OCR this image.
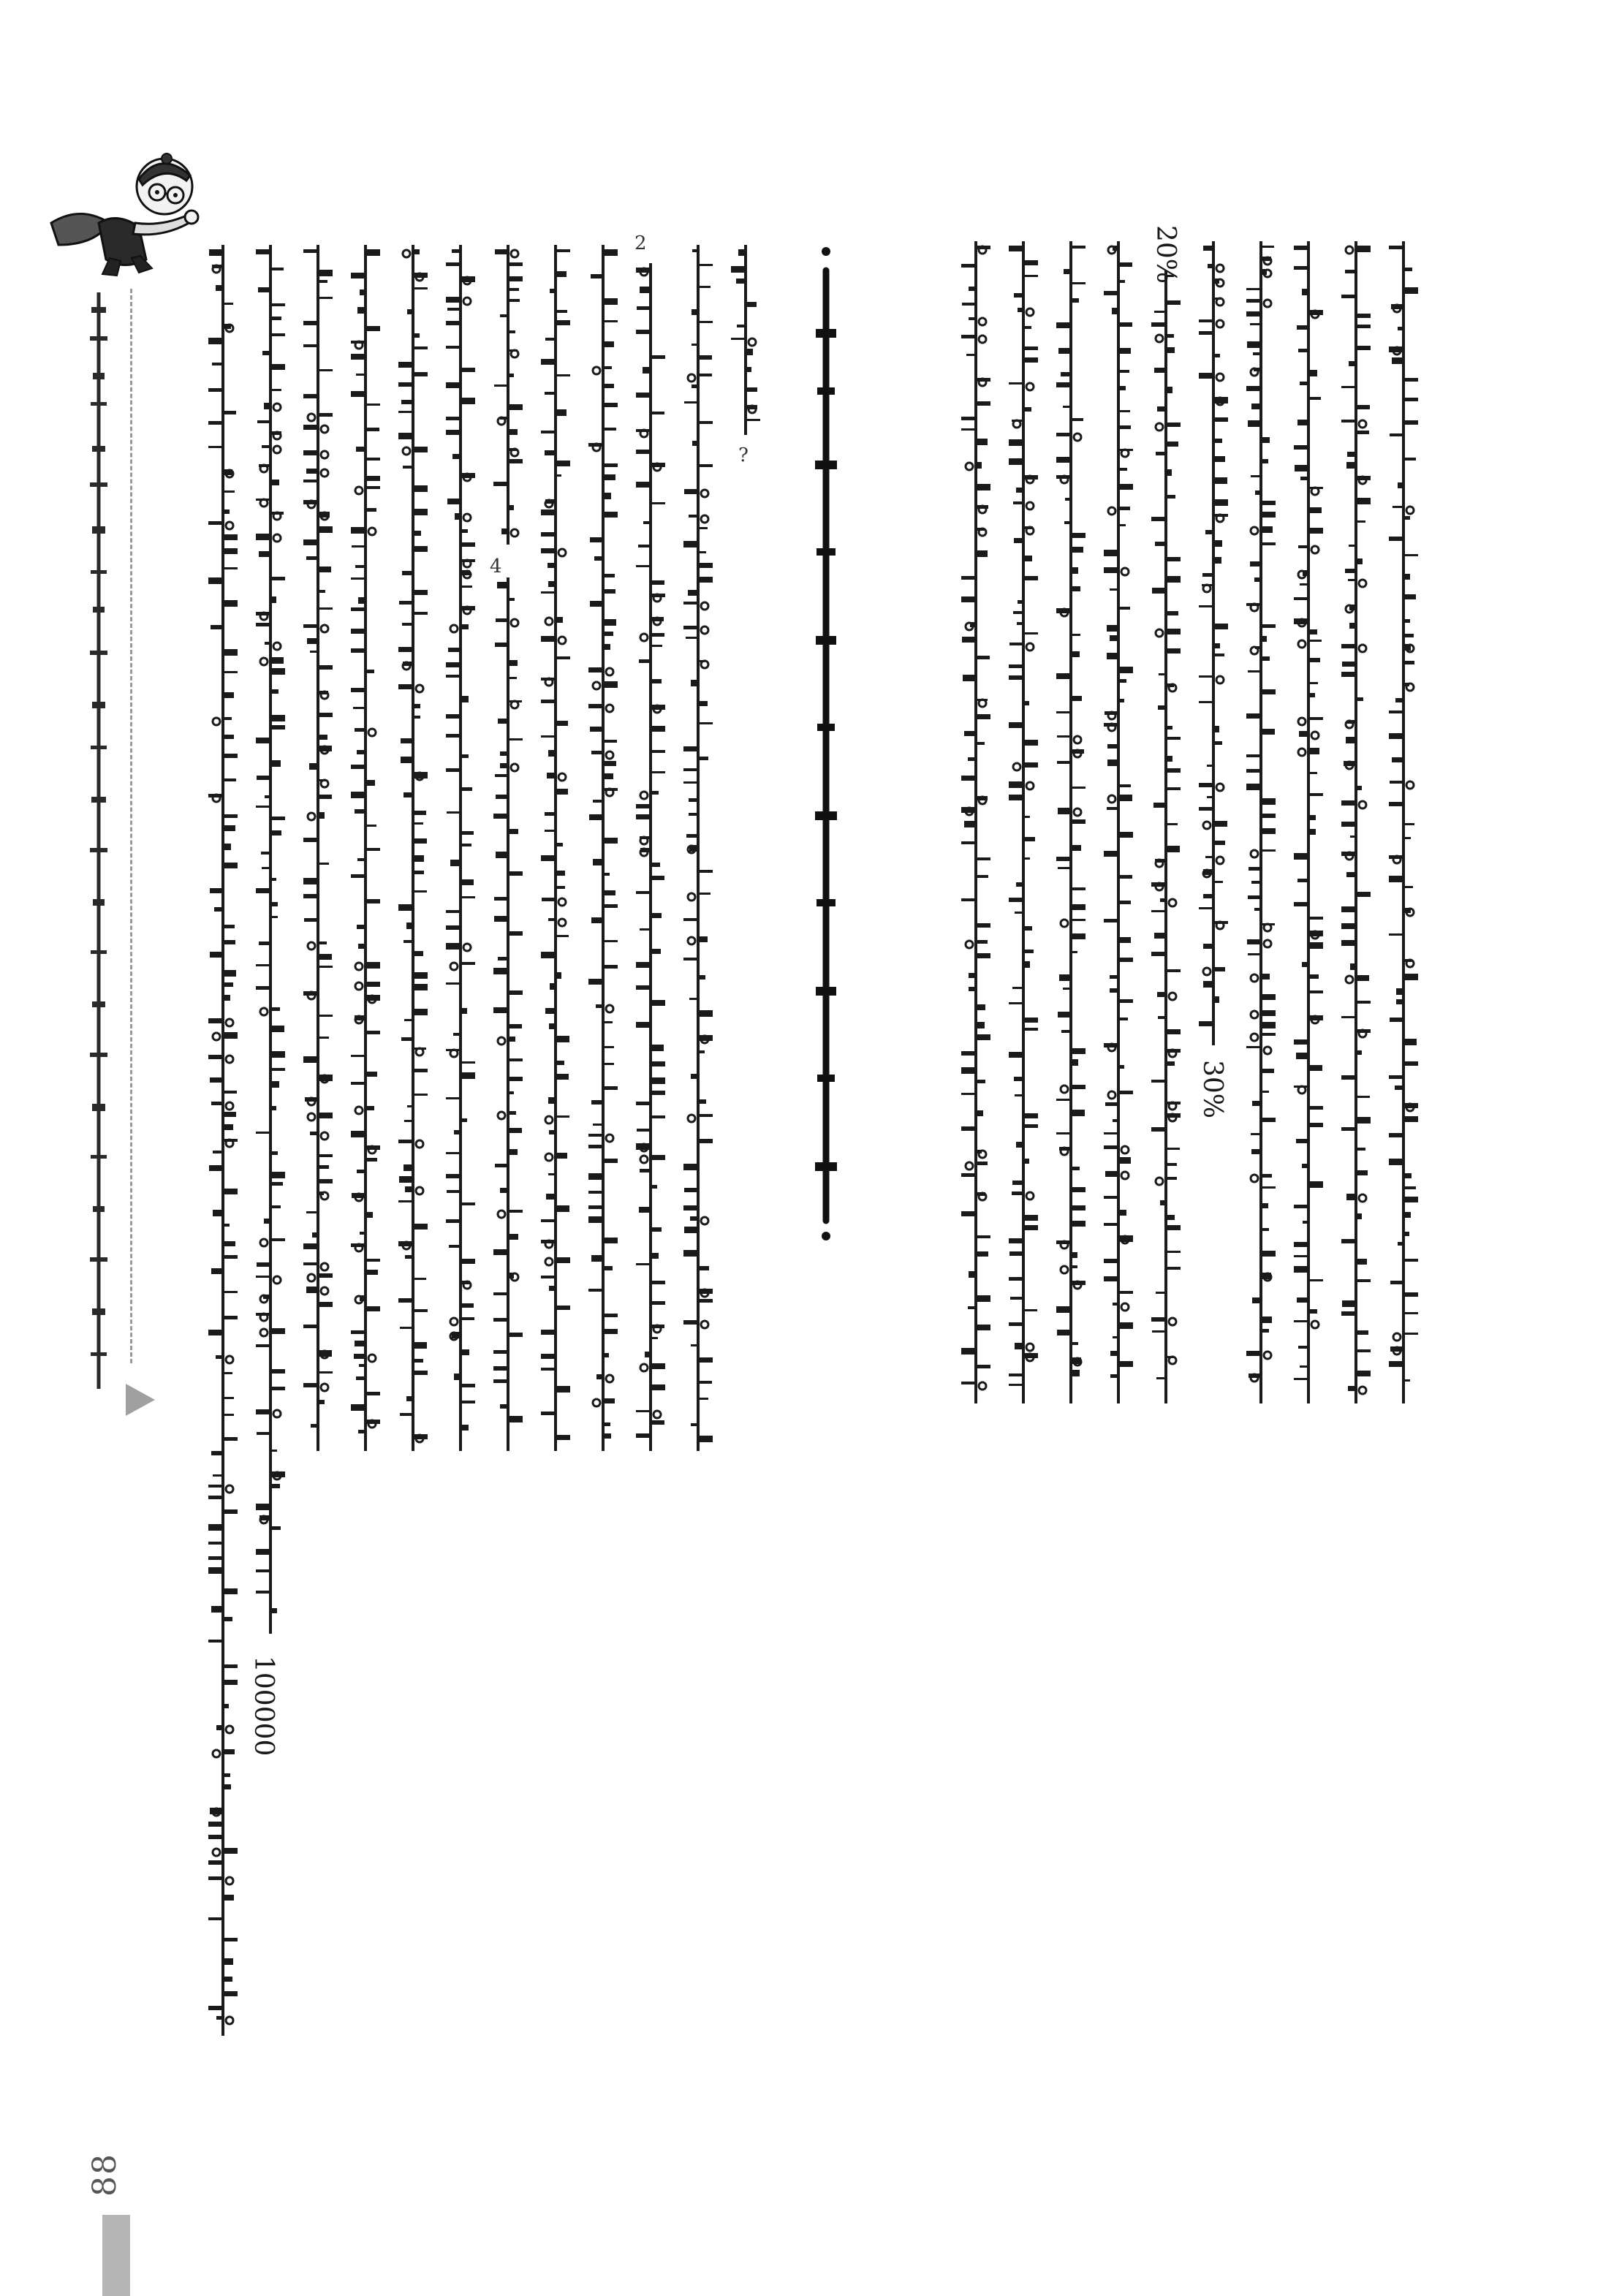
88
30%
20%
100000
2
4
?
